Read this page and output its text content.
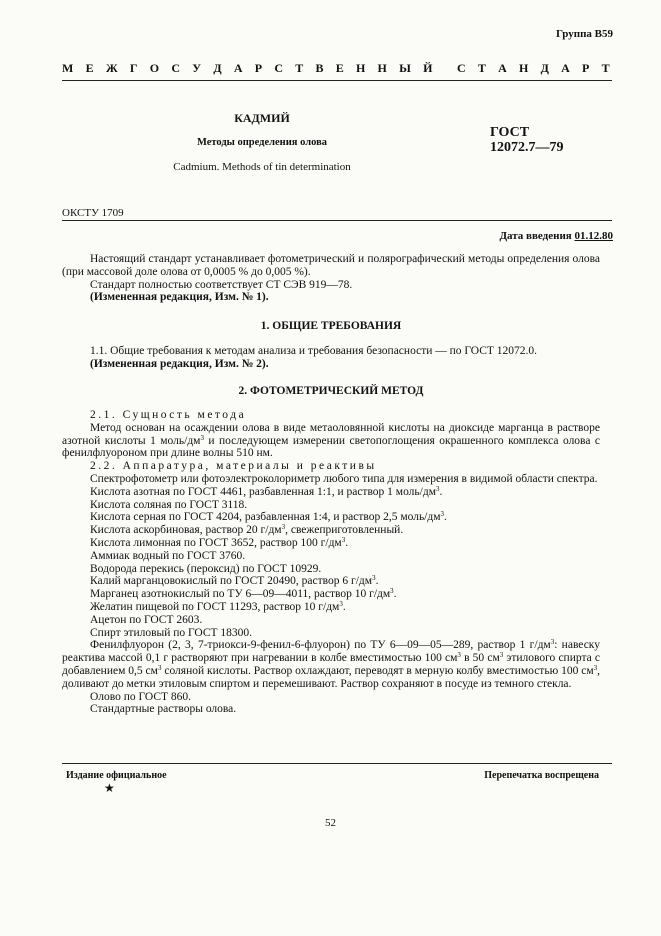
Группа В59
М Е Ж Г О С У Д А Р С Т В Е Н Н Ы Й С Т А Н Д А Р Т
КАДМИЙ
Методы определения олова
Cadmium. Methods of tin determination
ГОСТ
12072.7—79
ОКСТУ 1709
Дата введения 01.12.80

Настоящий стандарт устанавливает фотометрический и полярографический методы определения олова (при массовой доле олова от 0,0005 % до 0,005 %).

Стандарт полностью соответствует СТ СЭВ 919—78.

(Измененная редакция, Изм. № 1).

1. ОБЩИЕ ТРЕБОВАНИЯ

1.1. Общие требования к методам анализа и требования безопасности — по ГОСТ 12072.0.

(Измененная редакция, Изм. № 2).

2. ФОТОМЕТРИЧЕСКИЙ МЕТОД

2.1. Сущность метода

Метод основан на осаждении олова в виде метаоловянной кислоты на диоксиде марганца в растворе азотной кислоты 1 моль/$дм^3$ и последующем измерении светопоглощения окрашенного комплекса олова с фенилфлуороном при длине волны 510 нм.

2.2. Аппаратура, материалы и реактивы

Спектрофотометр или фотоэлектроколориметр любого типа для измерения в видимой области спектра.

Кислота азотная по ГОСТ 4461, разбавленная 1:1, и раствор 1 моль/$дм^3$.

Кислота соляная по ГОСТ 3118.

Кислота серная по ГОСТ 4204, разбавленная 1:4, и раствор 2,5 моль/$дм^3$.

Кислота аскорбиновая, раствор 20 $г/дм^3$, свежеприготовленный.

Кислота лимонная по ГОСТ 3652, раствор 100 $г/дм^3$.

Аммиак водный по ГОСТ 3760.

Водорода перекись (пероксид) по ГОСТ 10929.

Калий марганцовокислый по ГОСТ 20490, раствор 6 $г/дм^3$.

Марганец азотнокислый по ТУ 6—09—4011, раствор 10 $г/дм^3$.

Желатин пищевой по ГОСТ 11293, раствор 10 $г/дм^3$.

Ацетон по ГОСТ 2603.

Спирт этиловый по ГОСТ 18300.

Фенилфлуорон (2, 3, 7-триокси-9-фенил-6-флуорон) по ТУ 6—09—05—289, раствор 1 $г/дм^3$: навеску реактива массой 0,1 г растворяют при нагревании в колбе вместимостью 100 $см^3$ в 50 $см^3$ этилового спирта с добавлением 0,5 $см^3$ соляной кислоты. Раствор охлаждают, переводят в мерную колбу вместимостью 100 $см^3$, доливают до метки этиловым спиртом и перемешивают. Раствор сохраняют в посуде из темного стекла.

Олово по ГОСТ 860.

Стандартные растворы олова.

Издание официальное	Перепечатка воспрещена
★
52
